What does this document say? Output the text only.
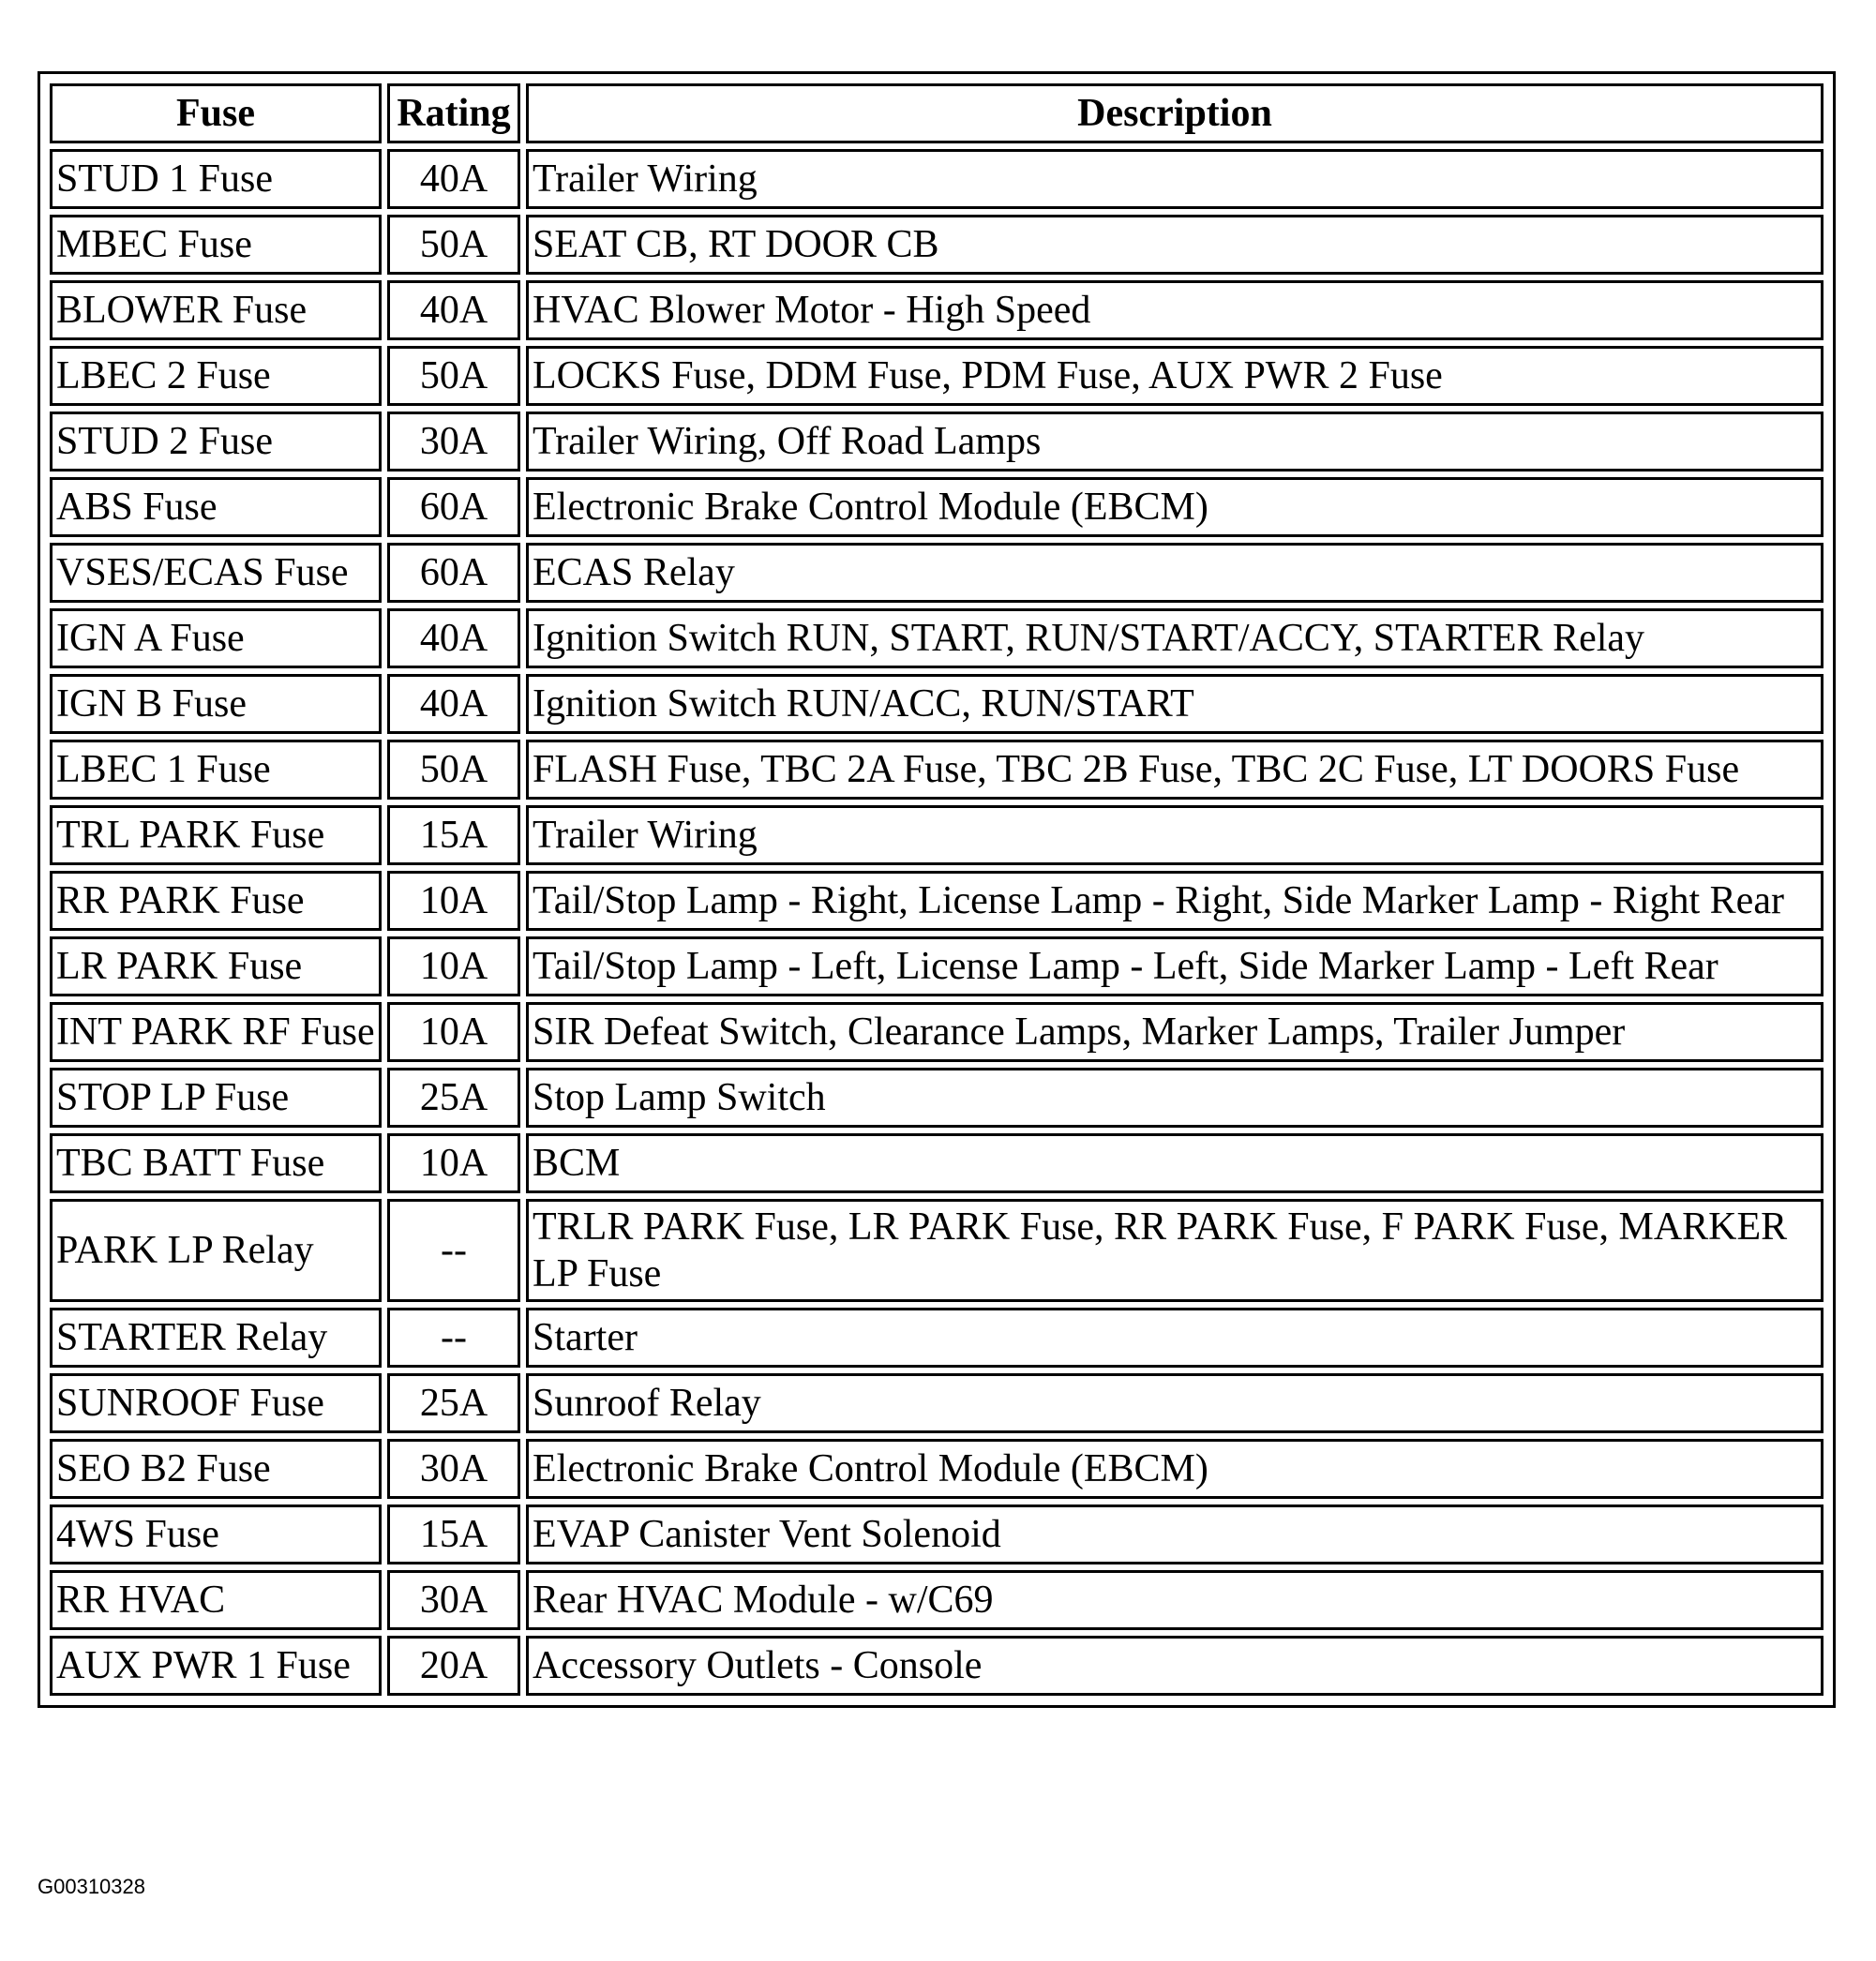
Fuse	Rating	Description
STUD 1 Fuse	40A	Trailer Wiring
MBEC Fuse	50A	SEAT CB, RT DOOR CB
BLOWER Fuse	40A	HVAC Blower Motor - High Speed
LBEC 2 Fuse	50A	LOCKS Fuse, DDM Fuse, PDM Fuse, AUX PWR 2 Fuse
STUD 2 Fuse	30A	Trailer Wiring, Off Road Lamps
ABS Fuse	60A	Electronic Brake Control Module (EBCM)
VSES/ECAS Fuse	60A	ECAS Relay
IGN A Fuse	40A	Ignition Switch RUN, START, RUN/START/ACCY, STARTER Relay
IGN B Fuse	40A	Ignition Switch RUN/ACC, RUN/START
LBEC 1 Fuse	50A	FLASH Fuse, TBC 2A Fuse, TBC 2B Fuse, TBC 2C Fuse, LT DOORS Fuse
TRL PARK Fuse	15A	Trailer Wiring
RR PARK Fuse	10A	Tail/Stop Lamp - Right, License Lamp - Right, Side Marker Lamp - Right Rear
LR PARK Fuse	10A	Tail/Stop Lamp - Left, License Lamp - Left, Side Marker Lamp - Left Rear
INT PARK RF Fuse	10A	SIR Defeat Switch, Clearance Lamps, Marker Lamps, Trailer Jumper
STOP LP Fuse	25A	Stop Lamp Switch
TBC BATT Fuse	10A	BCM
PARK LP Relay	--	TRLR PARK Fuse, LR PARK Fuse, RR PARK Fuse, F PARK Fuse, MARKER LP Fuse
STARTER Relay	--	Starter
SUNROOF Fuse	25A	Sunroof Relay
SEO B2 Fuse	30A	Electronic Brake Control Module (EBCM)
4WS Fuse	15A	EVAP Canister Vent Solenoid
RR HVAC	30A	Rear HVAC Module - w/C69
AUX PWR 1 Fuse	20A	Accessory Outlets - Console
G00310328
